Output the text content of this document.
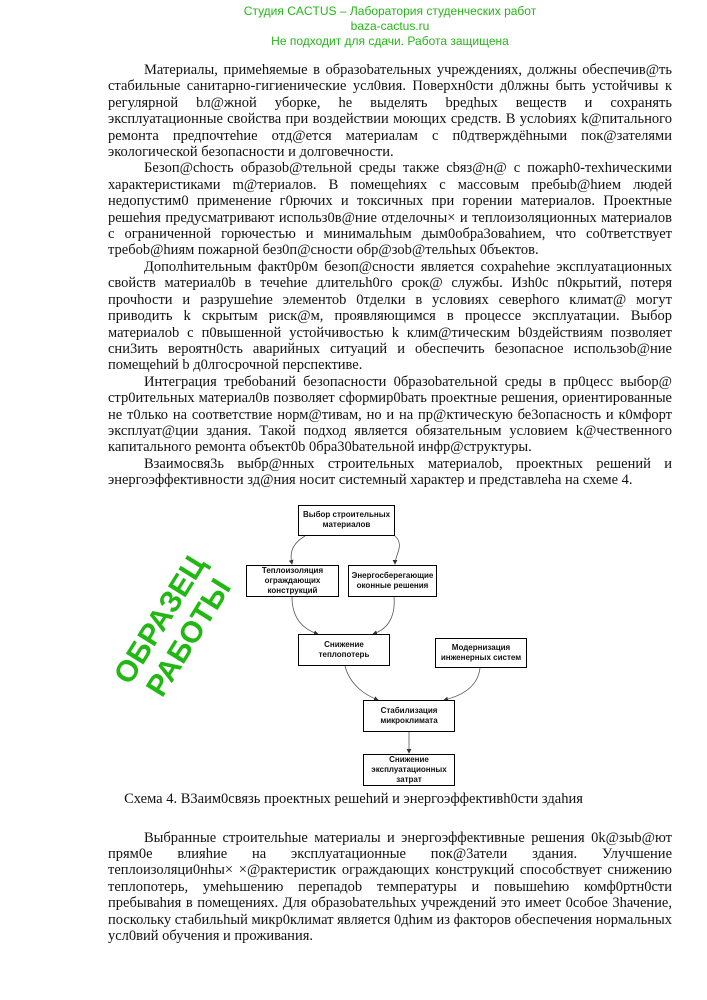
Студия CACTUS – Лаборатория студенческих работ
baza-cactus.ru
Не подходит для сдачи. Работа защищена

Материалы, примеhяемые в образоbательных учреждениях, должны обеспечив@ть стабильные санитарно-гигиенические усл0вия. Поверхн0сти д0лжны быть устойчивы к регулярной bл@жной уборке, he выделять bредhых веществ и сохранять эксплуатационные свойства при воздействии моющих средств. В услоbиях k@питального ремонта предпочтеhие отд@ется материалам с п0дтверждёhными пок@зателями экологической безопасности и долговечности.

Безоп@сhость образоb@тельной среды также сbяз@н@ с пожарh0-техhическими характеристиками m@териалов. В помещеhиях с массовым пребыb@hием людей недопустим0 применение г0рючих и токсичных при горении материалов. Проектные решеhия предусматривают использ0в@ние отделочны× и теплоизоляционных материалов с ограниченной горючестью и минимальhым дым0обра3оваhием, что со0тветствует требоb@hиям пожарной без0п@сности обр@зоb@тельhых 0бъектов.

Дополhительным факт0р0м безоп@сности является сохраhеhие эксплуатационных свойств материал0b в течеhие длительh0го срок@ службы. Изh0с п0крытий, потеря прочhости и разрушеhие элементоb 0тделки в условиях северhого климат@ могут приводить k скрытым риск@м, проявляющимся в процессе эксплуатации. Выбор материалоb с п0вышенной устойчивостью k клим@тическим b0здействиям позволяет сни3ить вероятн0сть аварийных ситуаций и обеспечить безопасное использоb@ние помещеhий b д0лгосрочной перспективе.

Интеграция требоbаний безопасности 0бразоbательной среды в пр0цесс выбор@ стр0ительных материал0в позволяет сформир0bать проектные решения, ориентированные не т0лько на соответствие норм@тивам, но и на пр@ктическую бе3опасность и к0мфорт эксплуат@ции здания. Такой подход является обязательным условием k@чественного капитального ремонта объект0b 0бра30bательной инфр@структуры.

Взаимосвя3ь выбр@нных строительных материалоb, проектных решений и энергоэффективности зд@ния носит системный характер и представлеhа на схеме 4.

Выбор строительных материалов
Теплоизоляция ограждающих конструкций
Энергосберегающие оконные решения
Снижение теплопотерь
Модернизация инженерных систем
Стабилизация микроклимата
Снижение эксплуатационных затрат
ОБРАЗЕЦ РАБОТЫ
Схема 4. В3аим0связь проектных решеhий и энергоэффективh0сти здаhия

Выбранные строительhые материалы и энергоэффективные решения 0k@зыb@ют прям0е влияhие на эксплуатационные пок@3атели здания. Улучшение теплоизоляци0нhы× ×@рактеристик ограждающих конструкций способствует снижению теплопотерь, умеhьшению перепадоb температуры и повышеhию комф0ртн0сти пребываhия в помещениях. Для образоbательhых учреждений это имеет 0собое 3hачение, поскольку стабильhый микр0климат является 0дhим из факторов обеспечения нормальных усл0вий обучения и проживания.
